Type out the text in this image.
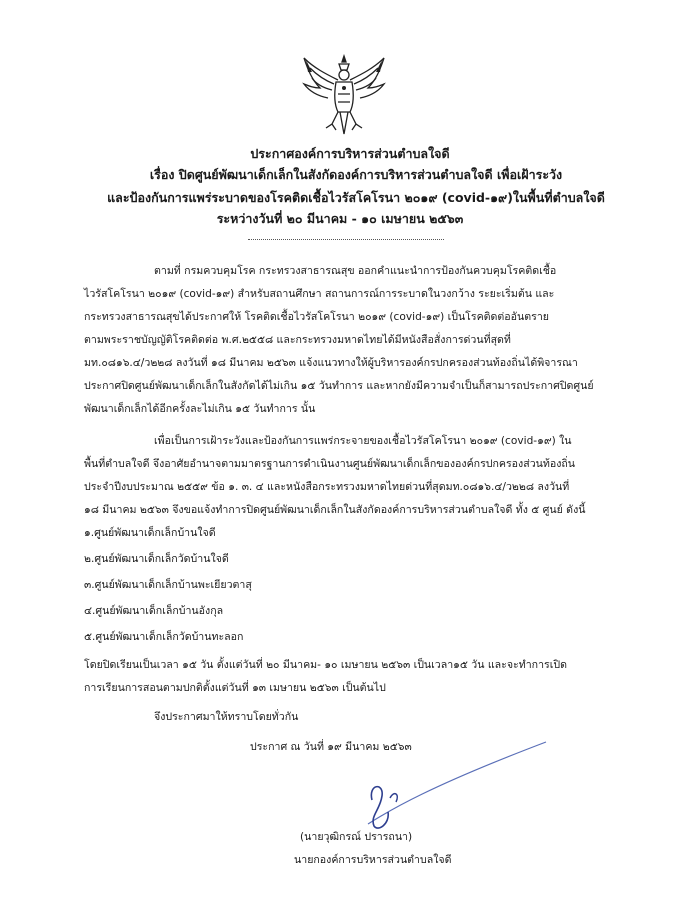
ประกาศองค์การบริหารส่วนตำบลใจดี
เรื่อง ปิดศูนย์พัฒนาเด็กเล็กในสังกัดองค์การบริหารส่วนตำบลใจดี เพื่อเฝ้าระวัง
และป้องกันการแพร่ระบาดของโรคติดเชื้อไวรัสโคโรนา ๒๐๑๙ (covid-๑๙)ในพื้นที่ตำบลใจดี
ระหว่างวันที่ ๒๐ มีนาคม - ๑๐ เมษายน ๒๕๖๓
ตามที่ กรมควบคุมโรค กระทรวงสาธารณสุข ออกคำแนะนำการป้องกันควบคุมโรคติดเชื้อ
ไวรัสโคโรนา ๒๐๑๙ (covid-๑๙) สำหรับสถานศึกษา สถานการณ์การระบาดในวงกว้าง ระยะเริ่มต้น และ
กระทรวงสาธารณสุขได้ประกาศให้ โรคติดเชื้อไวรัสโคโรนา ๒๐๑๙ (covid-๑๙) เป็นโรคติดต่ออันตราย
ตามพระราชบัญญัติโรคติดต่อ พ.ศ.๒๕๕๘ และกระทรวงมหาดไทยได้มีหนังสือสั่งการด่วนที่สุดที่
มท.๐๘๑๖.๔/ว๒๒๘ ลงวันที่ ๑๘ มีนาคม ๒๕๖๓ แจ้งแนวทางให้ผู้บริหารองค์กรปกครองส่วนท้องถิ่นได้พิจารณา
ประกาศปิดศูนย์พัฒนาเด็กเล็กในสังกัดได้ไม่เกิน ๑๕ วันทำการ และหากยังมีความจำเป็นก็สามารถประกาศปิดศูนย์
พัฒนาเด็กเล็กได้อีกครั้งละไม่เกิน ๑๕ วันทำการ นั้น
เพื่อเป็นการเฝ้าระวังและป้องกันการแพร่กระจายของเชื้อไวรัสโคโรนา ๒๐๑๙ (covid-๑๙) ใน
พื้นที่ตำบลใจดี จึงอาศัยอำนาจตามมาตรฐานการดำเนินงานศูนย์พัฒนาเด็กเล็กขององค์กรปกครองส่วนท้องถิ่น
ประจำปีงบประมาณ ๒๕๕๙ ข้อ ๑. ๓. ๔ และหนังสือกระทรวงมหาดไทยด่วนที่สุดมท.๐๘๑๖.๔/ว๒๒๘ ลงวันที่
๑๘ มีนาคม ๒๕๖๓ จึงขอแจ้งทำการปิดศูนย์พัฒนาเด็กเล็กในสังกัดองค์การบริหารส่วนตำบลใจดี ทั้ง ๕ ศูนย์ ดังนี้
๑.ศูนย์พัฒนาเด็กเล็กบ้านใจดี
๒.ศูนย์พัฒนาเด็กเล็กวัดบ้านใจดี
๓.ศูนย์พัฒนาเด็กเล็กบ้านพะเยียวตาสุ
๔.ศูนย์พัฒนาเด็กเล็กบ้านอังกุล
๕.ศูนย์พัฒนาเด็กเล็กวัดบ้านทะลอก
โดยปิดเรียนเป็นเวลา ๑๕ วัน ตั้งแต่วันที่ ๒๐ มีนาคม- ๑๐ เมษายน ๒๕๖๓ เป็นเวลา๑๕ วัน และจะทำการเปิด
การเรียนการสอนตามปกติตั้งแต่วันที่ ๑๓ เมษายน ๒๕๖๓ เป็นต้นไป
จึงประกาศมาให้ทราบโดยทั่วกัน
ประกาศ ณ วันที่ ๑๙ มีนาคม ๒๕๖๓
(นายวุฒิกรณ์ ปรารถนา)
นายกองค์การบริหารส่วนตำบลใจดี
